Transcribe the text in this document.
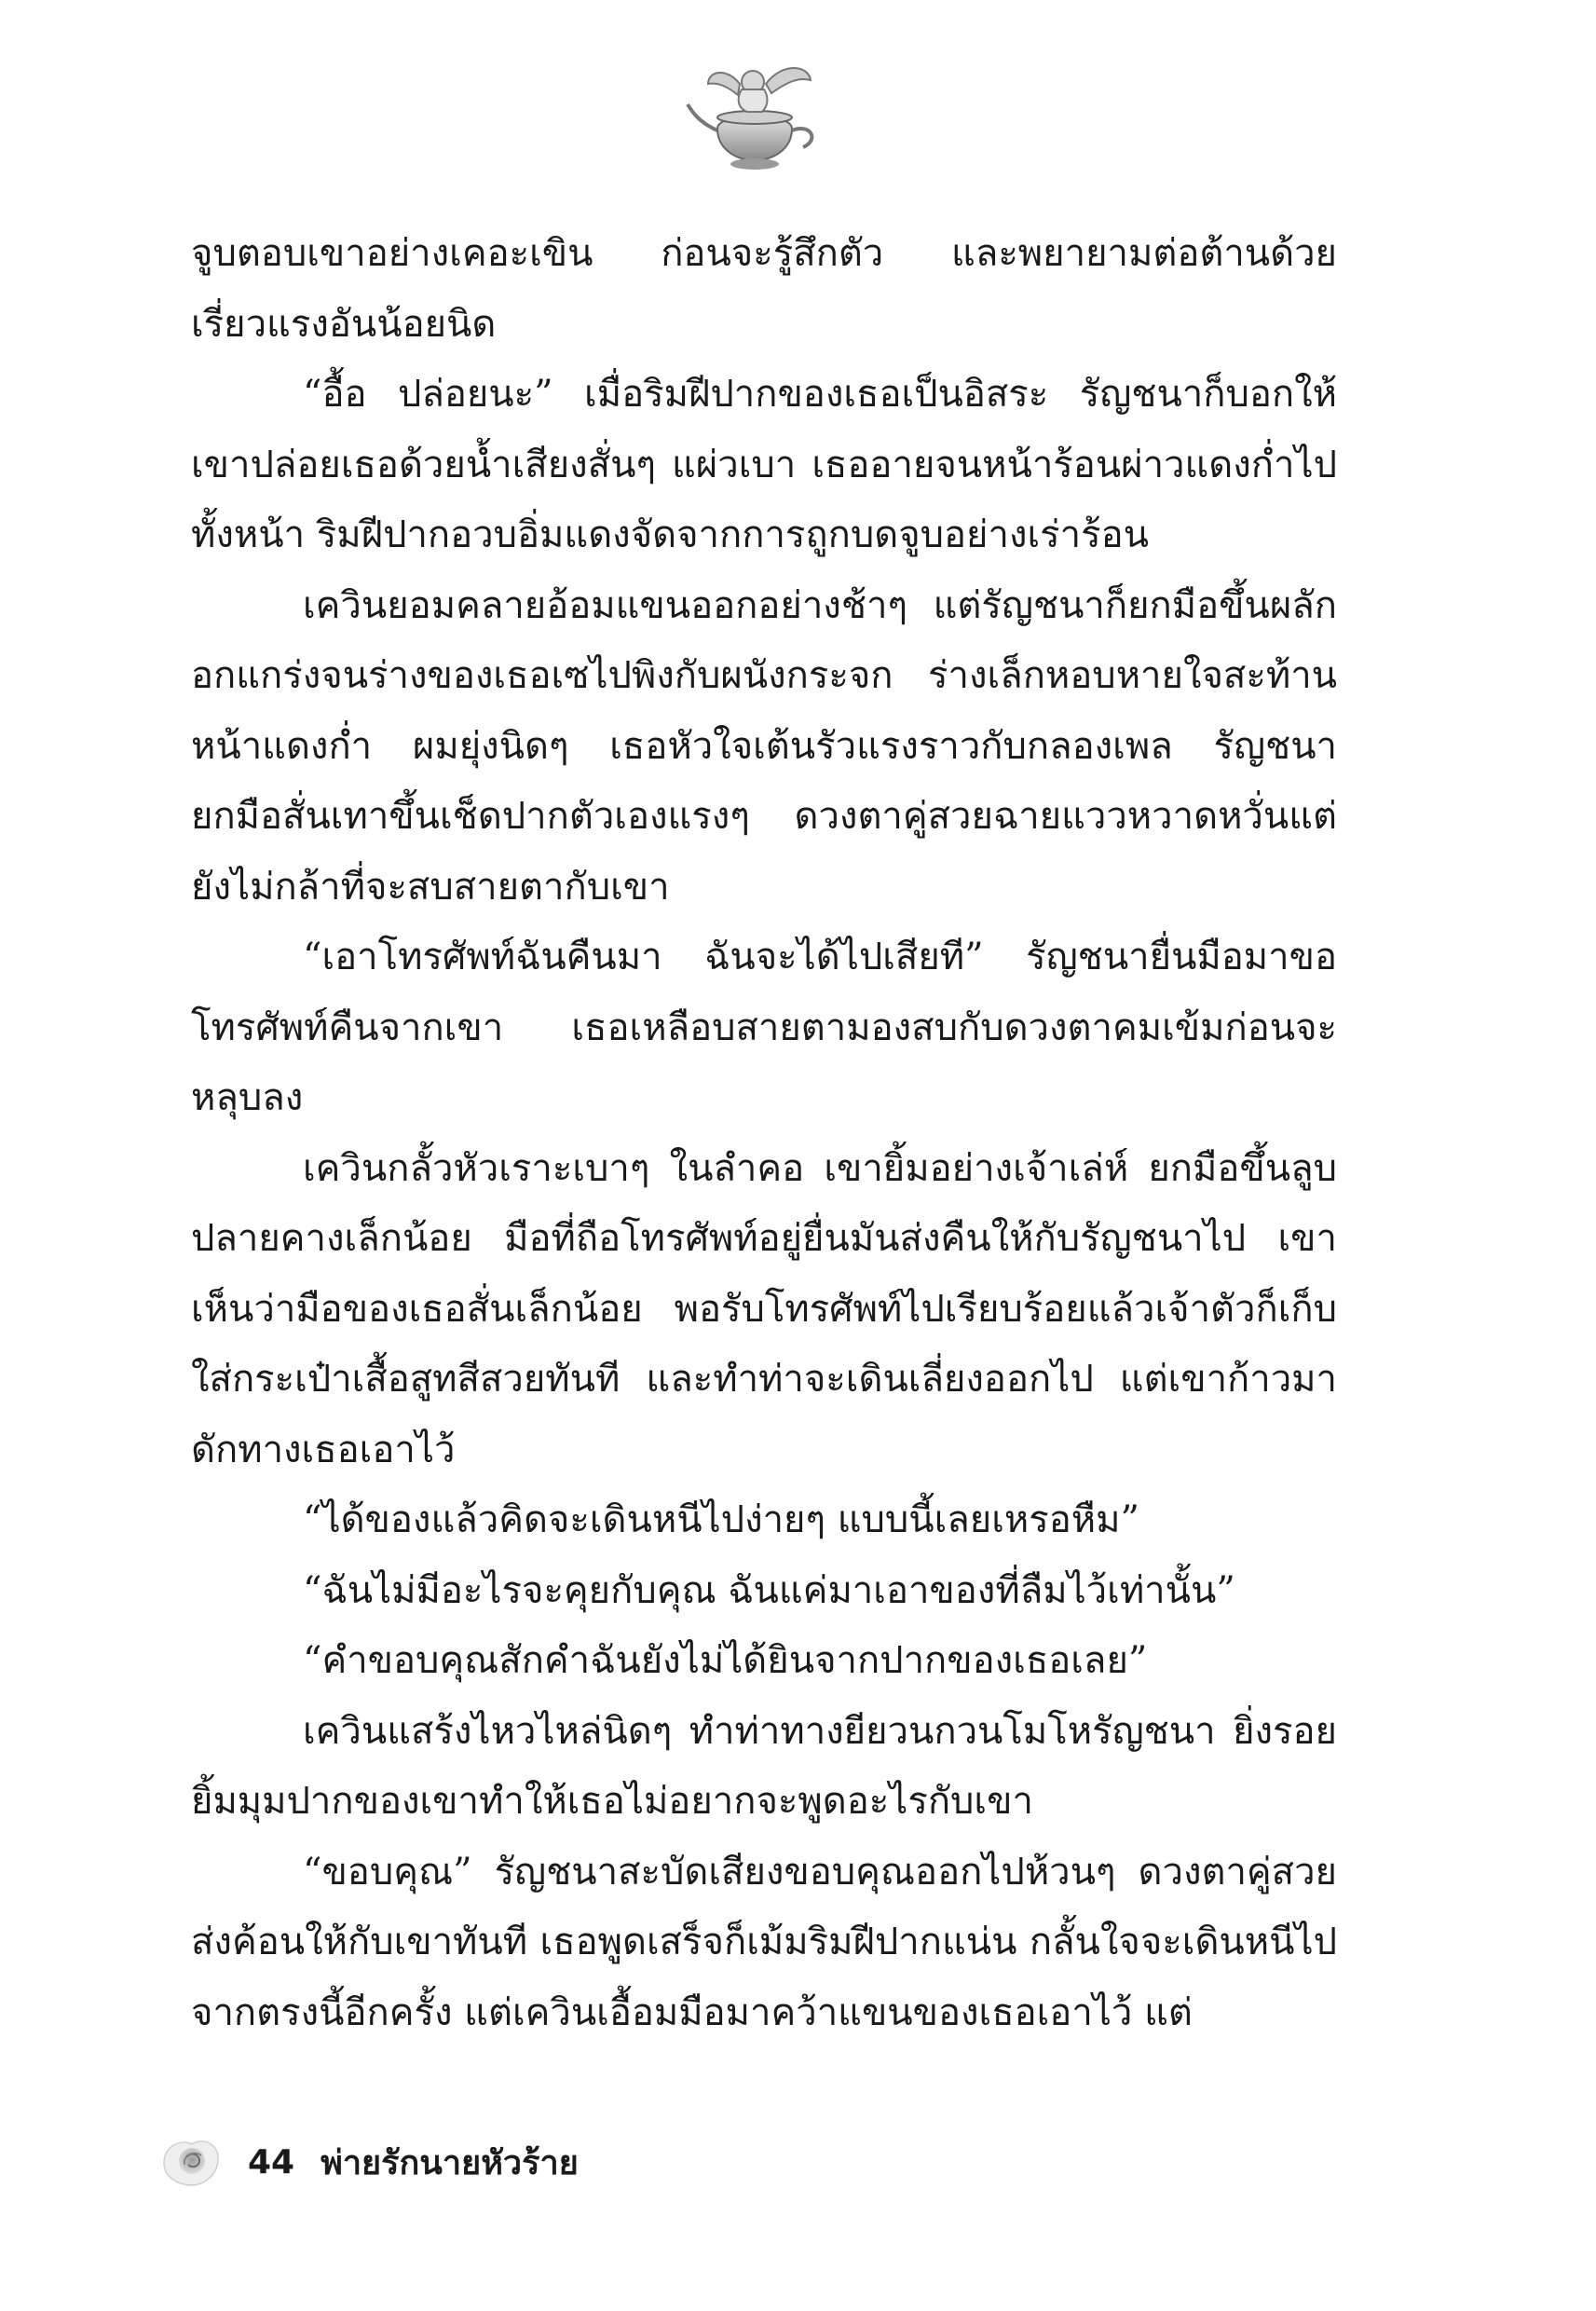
จูบตอบเขาอย่างเคอะเขิน ก่อนจะรู้สึกตัว และพยายามต่อต้านด้วยเรี่ยวแรงอันน้อยนิด

“อื้อ ปล่อยนะ” เมื่อริมฝีปากของเธอเป็นอิสระ รัญชนาก็บอกให้เขาปล่อยเธอด้วยน้ำเสียงสั่นๆ แผ่วเบา เธออายจนหน้าร้อนผ่าวแดงก่ำไปทั้งหน้า ริมฝีปากอวบอิ่มแดงจัดจากการถูกบดจูบอย่างเร่าร้อน

เควินยอมคลายอ้อมแขนออกอย่างช้าๆ แต่รัญชนาก็ยกมือขึ้นผลักอกแกร่งจนร่างของเธอเซไปพิงกับผนังกระจก ร่างเล็กหอบหายใจสะท้าน หน้าแดงก่ำ ผมยุ่งนิดๆ เธอหัวใจเต้นรัวแรงราวกับกลองเพล รัญชนายกมือสั่นเทาขึ้นเช็ดปากตัวเองแรงๆ ดวงตาคู่สวยฉายแววหวาดหวั่นแต่ยังไม่กล้าที่จะสบสายตากับเขา

“เอาโทรศัพท์ฉันคืนมา ฉันจะได้ไปเสียที” รัญชนายื่นมือมาขอโทรศัพท์คืนจากเขา เธอเหลือบสายตามองสบกับดวงตาคมเข้มก่อนจะหลุบลง

เควินกลั้วหัวเราะเบาๆ ในลำคอ เขายิ้มอย่างเจ้าเล่ห์ ยกมือขึ้นลูบปลายคางเล็กน้อย มือที่ถือโทรศัพท์อยู่ยื่นมันส่งคืนให้กับรัญชนาไป เขาเห็นว่ามือของเธอสั่นเล็กน้อย พอรับโทรศัพท์ไปเรียบร้อยแล้วเจ้าตัวก็เก็บใส่กระเป๋าเสื้อสูทสีสวยทันที และทำท่าจะเดินเลี่ยงออกไป แต่เขาก้าวมาดักทางเธอเอาไว้

“ได้ของแล้วคิดจะเดินหนีไปง่ายๆ แบบนี้เลยเหรอหืม”

“ฉันไม่มีอะไรจะคุยกับคุณ ฉันแค่มาเอาของที่ลืมไว้เท่านั้น”

“คำขอบคุณสักคำฉันยังไม่ได้ยินจากปากของเธอเลย”

เควินแสร้งไหวไหล่นิดๆ ทำท่าทางยียวนกวนโมโหรัญชนา ยิ่งรอยยิ้มมุมปากของเขาทำให้เธอไม่อยากจะพูดอะไรกับเขา

“ขอบคุณ” รัญชนาสะบัดเสียงขอบคุณออกไปห้วนๆ ดวงตาคู่สวยส่งค้อนให้กับเขาทันที เธอพูดเสร็จก็เม้มริมฝีปากแน่น กลั้นใจจะเดินหนีไปจากตรงนี้อีกครั้ง แต่เควินเอื้อมมือมาคว้าแขนของเธอเอาไว้ แต่

44 พ่ายรักนายหัวร้าย
